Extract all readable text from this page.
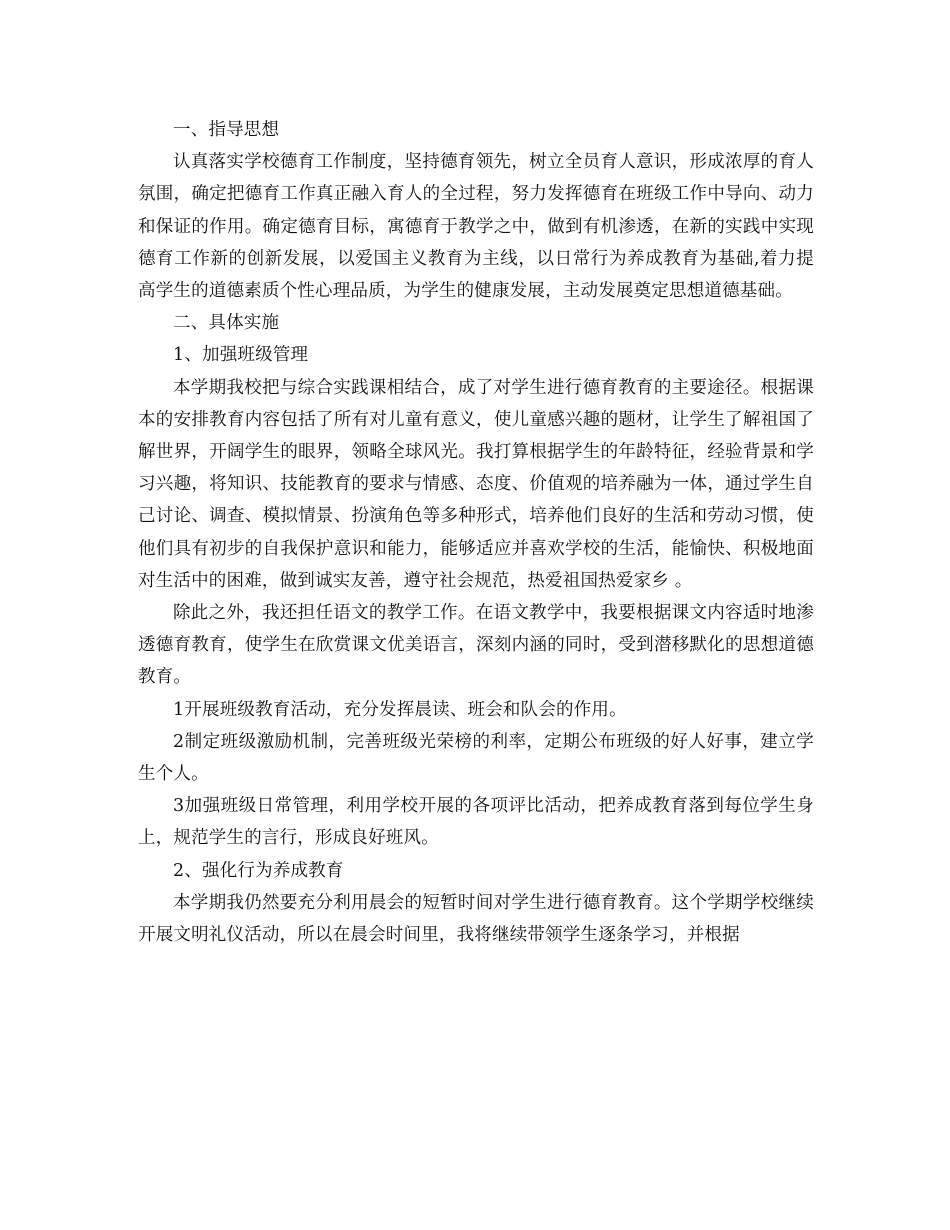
一、指导思想

认真落实学校德育工作制度，坚持德育领先，树立全员育人意识，形成浓厚的育人氛围，确定把德育工作真正融入育人的全过程，努力发挥德育在班级工作中导向、动力和保证的作用。确定德育目标，寓德育于教学之中，做到有机渗透，在新的实践中实现德育工作新的创新发展，以爱国主义教育为主线，以日常行为养成教育为基础,着力提高学生的道德素质个性心理品质，为学生的健康发展，主动发展奠定思想道德基础。

二、具体实施

1、加强班级管理

本学期我校把与综合实践课相结合，成了对学生进行德育教育的主要途径。根据课本的安排教育内容包括了所有对儿童有意义，使儿童感兴趣的题材，让学生了解祖国了解世界，开阔学生的眼界，领略全球风光。我打算根据学生的年龄特征，经验背景和学习兴趣，将知识、技能教育的要求与情感、态度、价值观的培养融为一体，通过学生自己讨论、调查、模拟情景、扮演角色等多种形式，培养他们良好的生活和劳动习惯，使他们具有初步的自我保护意识和能力，能够适应并喜欢学校的生活，能愉快、积极地面对生活中的困难，做到诚实友善，遵守社会规范，热爱祖国热爱家乡 。

除此之外，我还担任语文的教学工作。在语文教学中，我要根据课文内容适时地渗透德育教育，使学生在欣赏课文优美语言，深刻内涵的同时，受到潜移默化的思想道德教育。

1开展班级教育活动，充分发挥晨读、班会和队会的作用。

2制定班级激励机制，完善班级光荣榜的利率，定期公布班级的好人好事，建立学生个人。

3加强班级日常管理，利用学校开展的各项评比活动，把养成教育落到每位学生身上，规范学生的言行，形成良好班风。

2、强化行为养成教育

本学期我仍然要充分利用晨会的短暂时间对学生进行德育教育。这个学期学校继续开展文明礼仪活动，所以在晨会时间里，我将继续带领学生逐条学习，并根据
